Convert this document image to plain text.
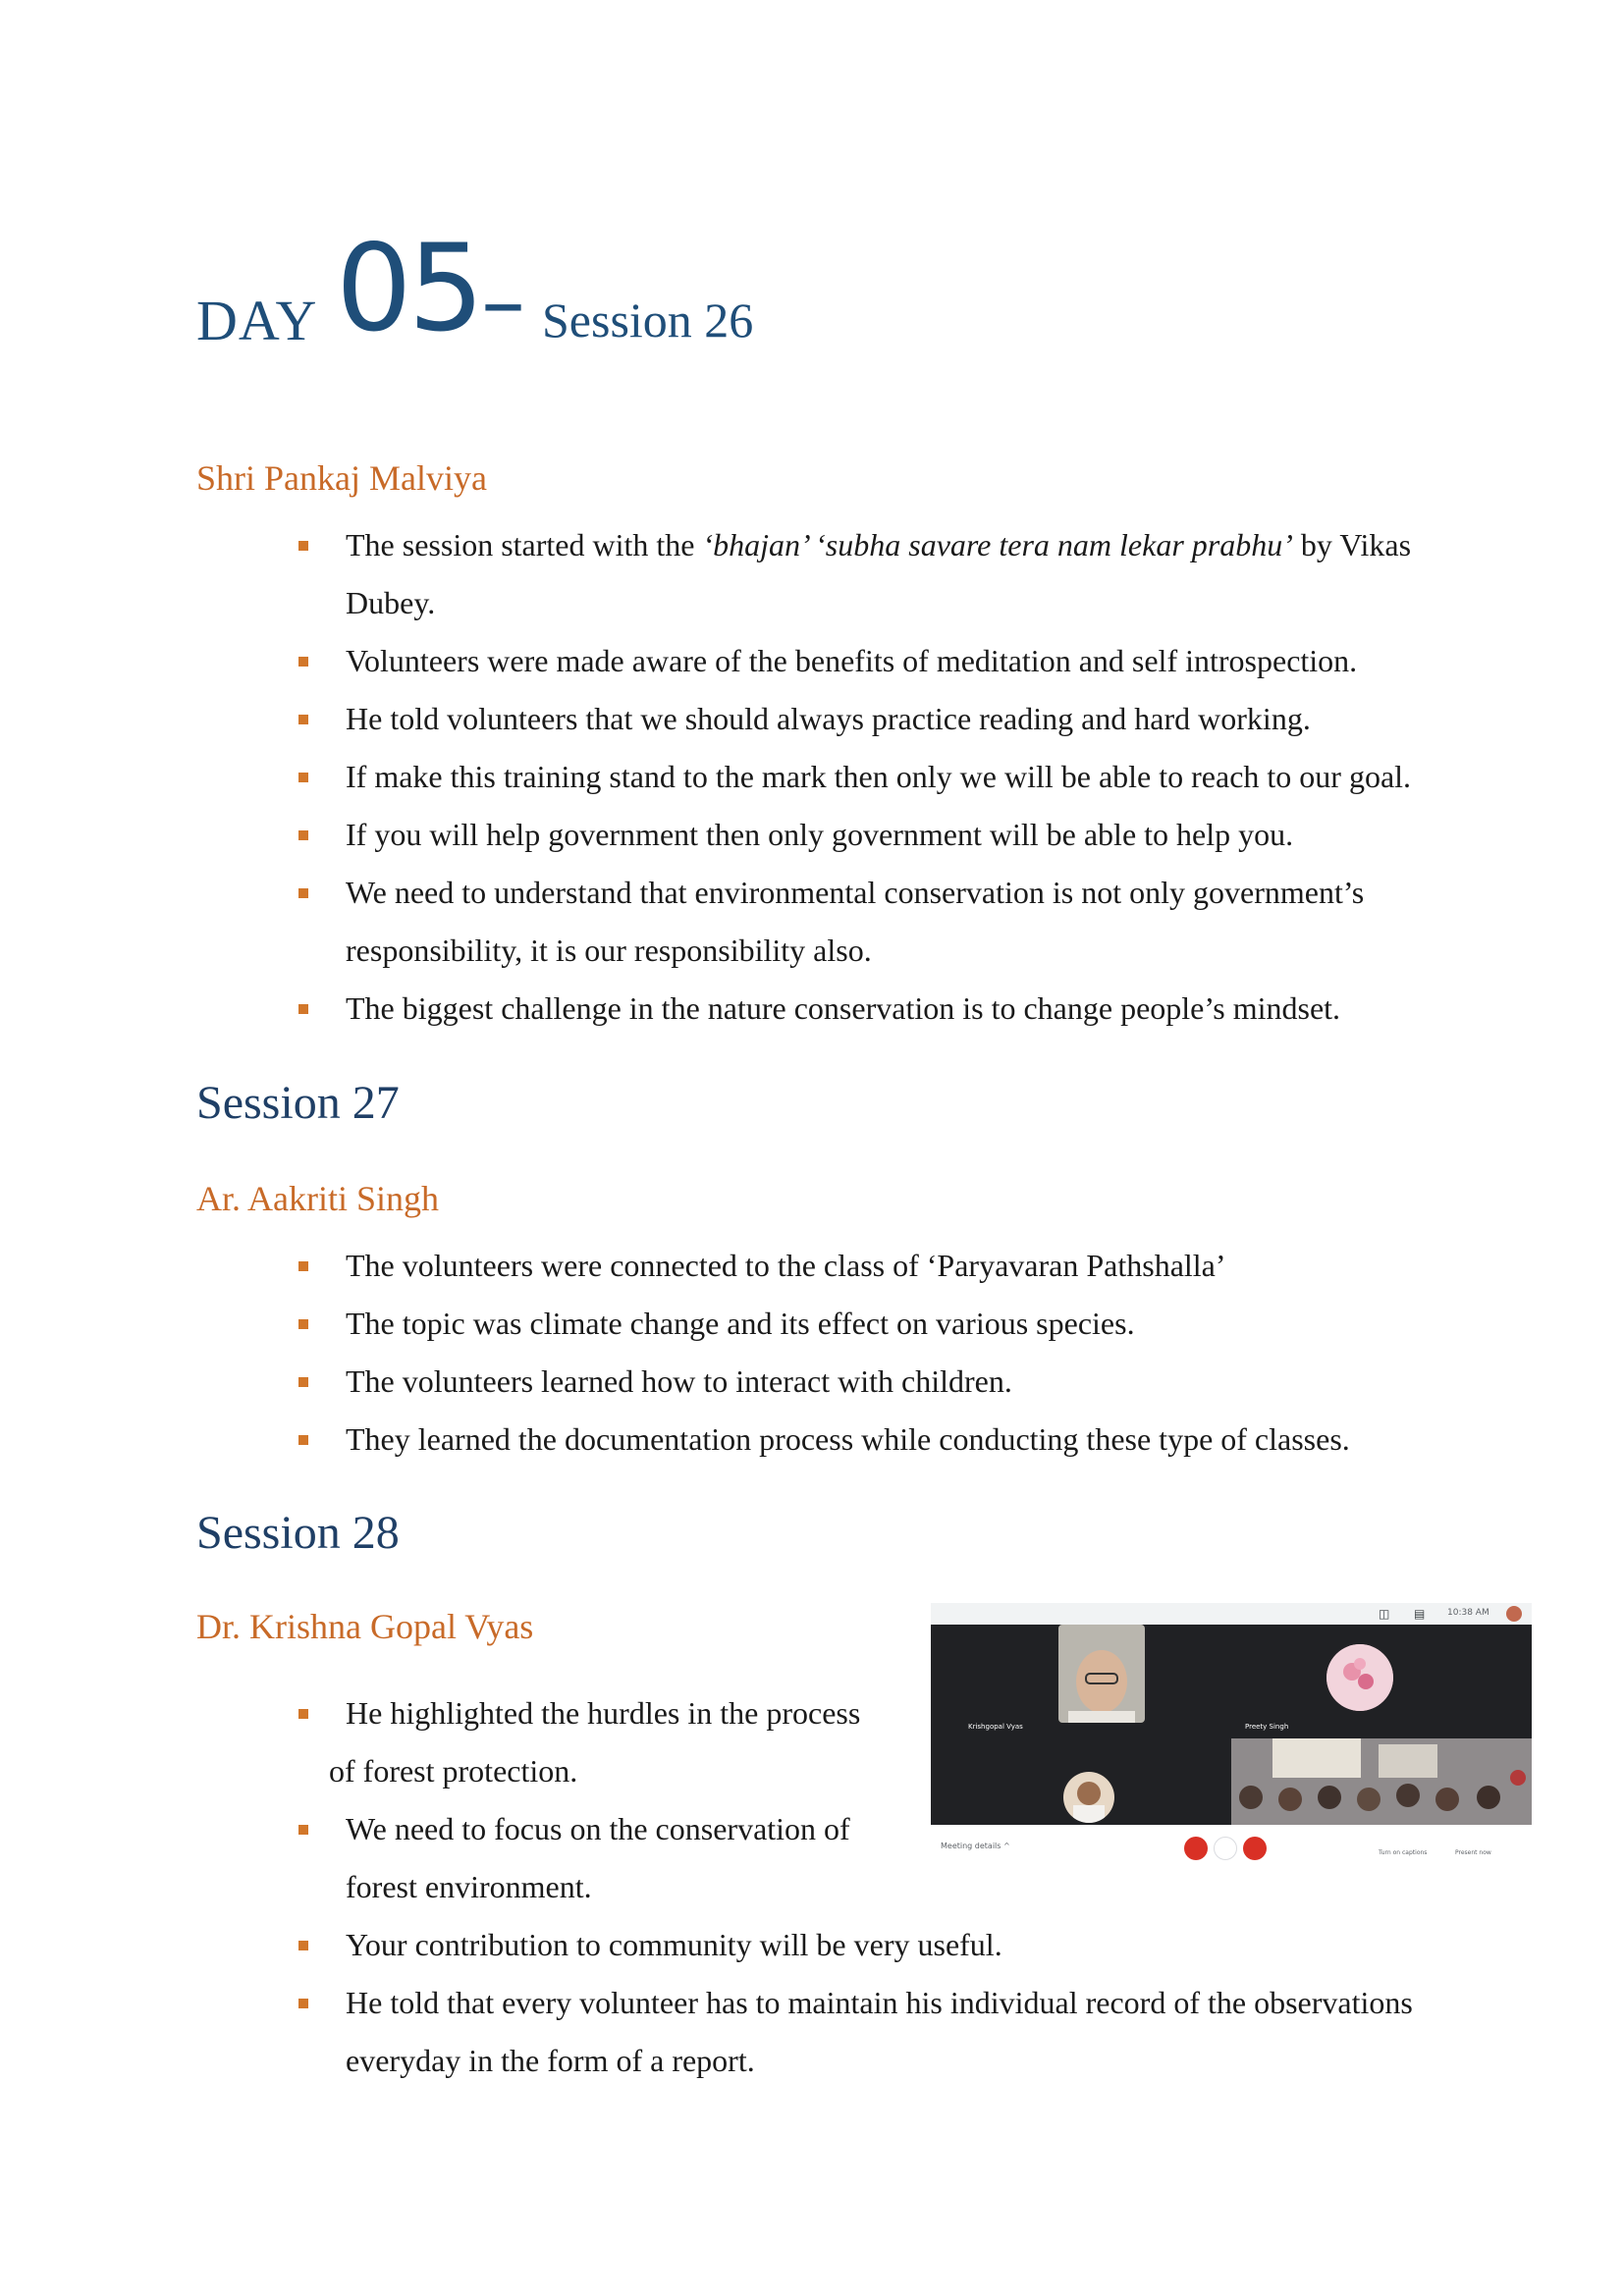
DAY 05 – Session 26
Shri Pankaj Malviya
The session started with the ‘bhajan’ ‘subha savare tera nam lekar prabhu’ by Vikas
Dubey.
Volunteers were made aware of the benefits of meditation and self introspection.
He told volunteers that we should always practice reading and hard working.
If make this training stand to the mark then only we will be able to reach to our goal.
If you will help government then only government will be able to help you.
We need to understand that environmental conservation is not only government’s
responsibility, it is our responsibility also.
The biggest challenge in the nature conservation is to change people’s mindset.
Session 27
Ar. Aakriti Singh
The volunteers were connected to the class of ‘Paryavaran Pathshalla’
The topic was climate change and its effect on various species.
The volunteers learned how to interact with children.
They learned the documentation process while conducting these type of classes.
Session 28
Dr. Krishna Gopal Vyas
He highlighted the hurdles in the process
of forest protection.
We need to focus on the conservation of
forest environment.
Your contribution to community will be very useful.
He told that every volunteer has to maintain his individual record of the observations
everyday in the form of a report.
◫ ▤	10:38 AM
Krishgopal Vyas	Preety Singh
Meeting details ^
Turn on captions	Present now
